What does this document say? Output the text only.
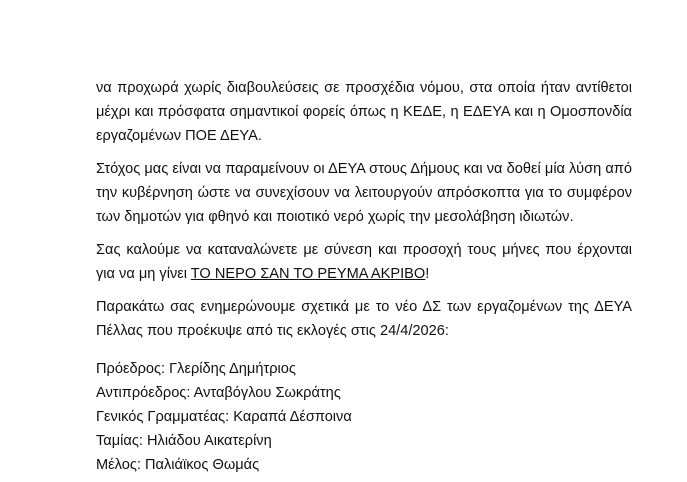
να προχωρά χωρίς διαβουλεύσεις σε προσχέδια νόμου, στα οποία ήταν αντίθετοι μέχρι και πρόσφατα σημαντικοί φορείς όπως η ΚΕΔΕ, η ΕΔΕΥΑ και η Ομοσπονδία εργαζομένων ΠΟΕ ΔΕΥΑ.

Στόχος μας είναι να παραμείνουν οι ΔΕΥΑ στους Δήμους και να δοθεί μία λύση από την κυβέρνηση ώστε να συνεχίσουν να λειτουργούν απρόσκοπτα για το συμφέρον των δημοτών για φθηνό και ποιοτικό νερό χωρίς την μεσολάβηση ιδιωτών.

Σας καλούμε να καταναλώνετε με σύνεση και προσοχή τους μήνες που έρχονται για να μη γίνει ΤΟ ΝΕΡΟ ΣΑΝ ΤΟ ΡΕΥΜΑ ΑΚΡΙΒΟ!

Παρακάτω σας ενημερώνουμε σχετικά με το νέο ΔΣ των εργαζομένων της ΔΕΥΑ Πέλλας που προέκυψε από τις εκλογές στις 24/4/2026:

Πρόεδρος: Γλερίδης Δημήτριος
Αντιπρόεδρος: Ανταβόγλου Σωκράτης
Γενικός Γραμματέας: Καραπά Δέσποινα
Ταμίας: Ηλιάδου Αικατερίνη
Μέλος: Παλιάϊκος Θωμάς
